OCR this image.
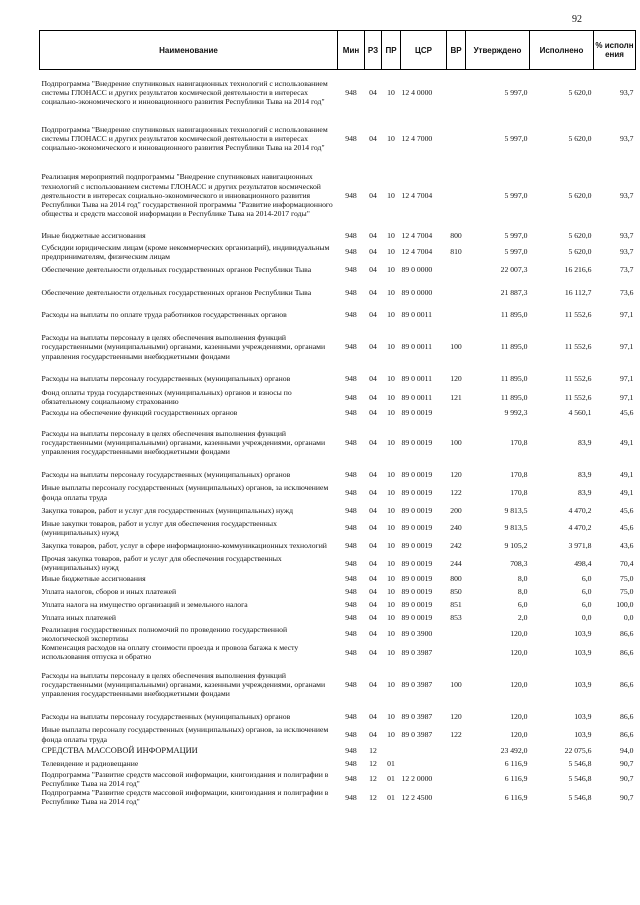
92
Наименование	Мин	РЗ	ПР	ЦСР	ВР	Утверждено	Исполнено	% исполн ения
Подпрограмма "Внедрение спутниковых навигационных технологий с использованием системы ГЛОНАСС и других результатов космической деятельности в интересах социально-экономического и инновационного развития Республики Тыва на 2014 год"	948	04	10	12 4 0000		5 997,0	5 620,0	93,7
Подпрограмма "Внедрение спутниковых навигационных технологий с использованием системы ГЛОНАСС и других результатов космической деятельности в интересах социально-экономического и инновационного развития Республики Тыва на 2014 год"	948	04	10	12 4 7000		5 997,0	5 620,0	93,7
Реализация мероприятий подпрограммы "Внедрение спутниковых навигационных технологий с использованием системы ГЛОНАСС и других результатов космической деятельности в интересах социально-экономического и инновационного развития Республики Тыва на 2014 год" государственной программы "Развитие информационного общества и средств массовой информации в Республике Тыва на 2014-2017 годы"	948	04	10	12 4 7004		5 997,0	5 620,0	93,7
Иные бюджетные ассигнования	948	04	10	12 4 7004	800	5 997,0	5 620,0	93,7
Субсидии юридическим лицам (кроме некоммерческих организаций), индивидуальным предпринимателям, физическим лицам	948	04	10	12 4 7004	810	5 997,0	5 620,0	93,7
Обеспечение деятельности отдельных государственных органов Республики Тыва	948	04	10	89 0 0000		22 007,3	16 216,6	73,7
Обеспечение деятельности отдельных государственных органов Республики Тыва	948	04	10	89 0 0000		21 887,3	16 112,7	73,6
Расходы на выплаты по оплате труда работников государственных органов	948	04	10	89 0 0011		11 895,0	11 552,6	97,1
Расходы на выплаты персоналу в целях обеспечения выполнения функций государственными (муниципальными) органами, казенными учреждениями, органами управления государственными внебюджетными фондами	948	04	10	89 0 0011	100	11 895,0	11 552,6	97,1
Расходы на выплаты персоналу государственных (муниципальных) органов	948	04	10	89 0 0011	120	11 895,0	11 552,6	97,1
Фонд оплаты труда государственных (муниципальных) органов и взносы по обязательному социальному страхованию	948	04	10	89 0 0011	121	11 895,0	11 552,6	97,1
Расходы на обеспечение функций государственных органов	948	04	10	89 0 0019		9 992,3	4 560,1	45,6
Расходы на выплаты персоналу в целях обеспечения выполнения функций государственными (муниципальными) органами, казенными учреждениями, органами управления государственными внебюджетными фондами	948	04	10	89 0 0019	100	170,8	83,9	49,1
Расходы на выплаты персоналу государственных (муниципальных) органов	948	04	10	89 0 0019	120	170,8	83,9	49,1
Иные выплаты персоналу государственных (муниципальных) органов, за исключением фонда оплаты труда	948	04	10	89 0 0019	122	170,8	83,9	49,1
Закупка товаров, работ и услуг для государственных (муниципальных) нужд	948	04	10	89 0 0019	200	9 813,5	4 470,2	45,6
Иные закупки товаров, работ и услуг для обеспечения государственных (муниципальных) нужд	948	04	10	89 0 0019	240	9 813,5	4 470,2	45,6
Закупка товаров, работ, услуг в сфере информационно-коммуникационных технологий	948	04	10	89 0 0019	242	9 105,2	3 971,8	43,6
Прочая закупка товаров, работ и услуг для обеспечения государственных (муниципальных) нужд	948	04	10	89 0 0019	244	708,3	498,4	70,4
Иные бюджетные ассигнования	948	04	10	89 0 0019	800	8,0	6,0	75,0
Уплата налогов, сборов и иных платежей	948	04	10	89 0 0019	850	8,0	6,0	75,0
Уплата налога на имущество организаций и земельного налога	948	04	10	89 0 0019	851	6,0	6,0	100,0
Уплата иных платежей	948	04	10	89 0 0019	853	2,0	0,0	0,0
Реализация государственных полномочий по проведению государственной экологической экспертизы	948	04	10	89 0 3900		120,0	103,9	86,6
Компенсация расходов на оплату стоимости проезда и провоза багажа к месту использования отпуска и обратно	948	04	10	89 0 3987		120,0	103,9	86,6
Расходы на выплаты персоналу в целях обеспечения выполнения функций государственными (муниципальными) органами, казенными учреждениями, органами управления государственными внебюджетными фондами	948	04	10	89 0 3987	100	120,0	103,9	86,6
Расходы на выплаты персоналу государственных (муниципальных) органов	948	04	10	89 0 3987	120	120,0	103,9	86,6
Иные выплаты персоналу государственных (муниципальных) органов, за исключением фонда оплаты труда	948	04	10	89 0 3987	122	120,0	103,9	86,6
СРЕДСТВА МАССОВОЙ ИНФОРМАЦИИ	948	12				23 492,0	22 075,6	94,0
Телевидение и радиовещание	948	12	01			6 116,9	5 546,8	90,7
Подпрограмма "Развитие средств массовой информации, книгоиздания и полиграфии в Республике Тыва на 2014 год"	948	12	01	12 2 0000		6 116,9	5 546,8	90,7
Подпрограмма "Развитие средств массовой информации, книгоиздания и полиграфии в Республике Тыва на 2014 год"	948	12	01	12 2 4500		6 116,9	5 546,8	90,7
